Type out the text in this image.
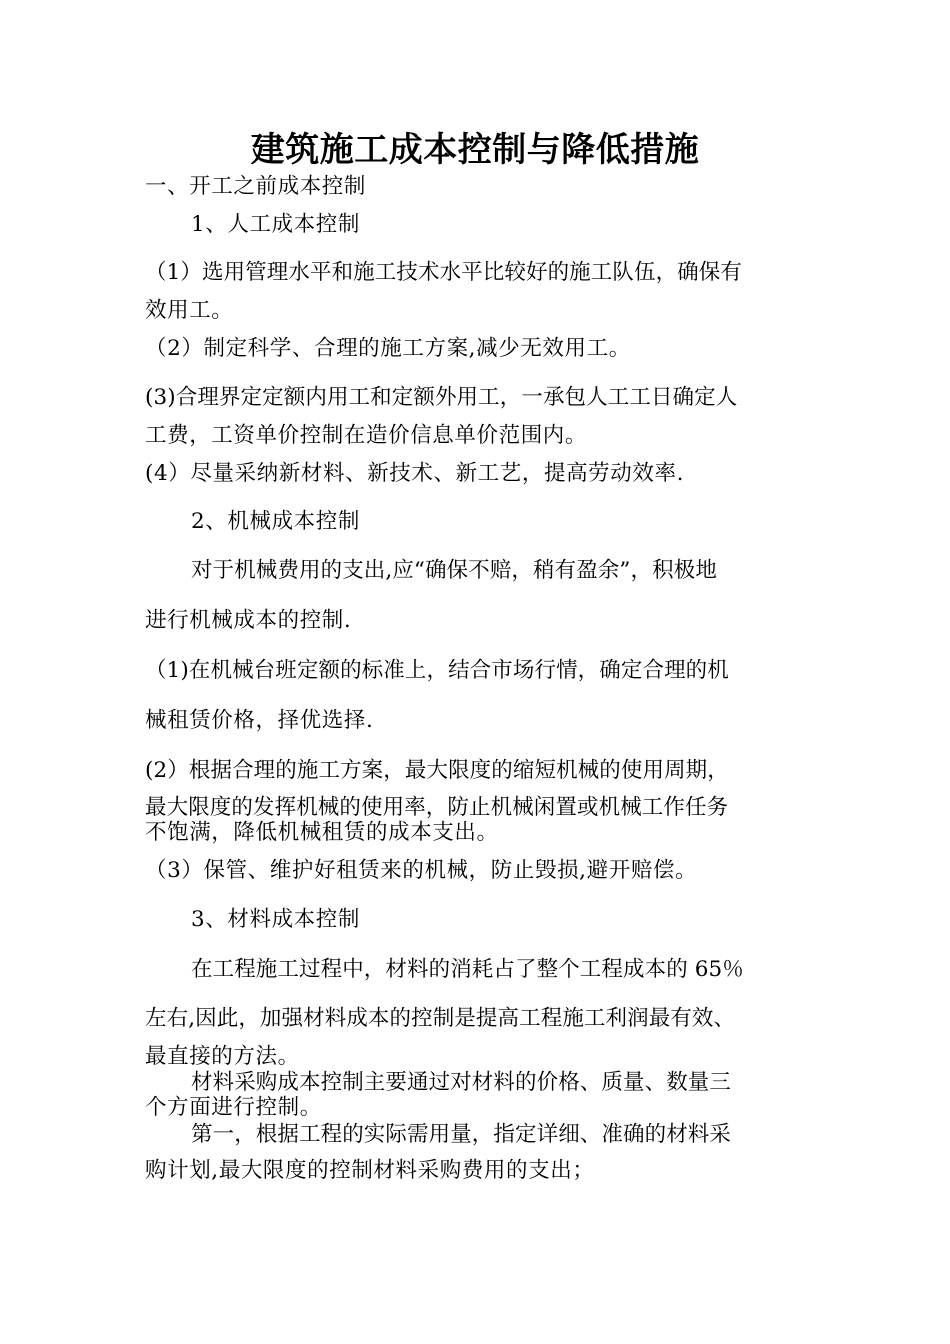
建筑施工成本控制与降低措施
一、开工之前成本控制
1、人工成本控制
（1）选用管理水平和施工技术水平比较好的施工队伍，确保有
效用工。
（2）制定科学、合理的施工方案,减少无效用工。
(3)合理界定定额内用工和定额外用工，一承包人工工日确定人
工费，工资单价控制在造价信息单价范围内。
(4）尽量采纳新材料、新技术、新工艺，提高劳动效率.
2、机械成本控制
对于机械费用的支出,应“确保不赔，稍有盈余”，积极地
进行机械成本的控制.
（1)在机械台班定额的标准上，结合市场行情，确定合理的机
械租赁价格，择优选择.
(2）根据合理的施工方案，最大限度的缩短机械的使用周期，
最大限度的发挥机械的使用率，防止机械闲置或机械工作任务
不饱满，降低机械租赁的成本支出。
（3）保管、维护好租赁来的机械，防止毁损,避开赔偿。
3、材料成本控制
在工程施工过程中，材料的消耗占了整个工程成本的 65％
左右,因此，加强材料成本的控制是提高工程施工利润最有效、
最直接的方法。
材料采购成本控制主要通过对材料的价格、质量、数量三
个方面进行控制。
第一，根据工程的实际需用量，指定详细、准确的材料采
购计划,最大限度的控制材料采购费用的支出；
